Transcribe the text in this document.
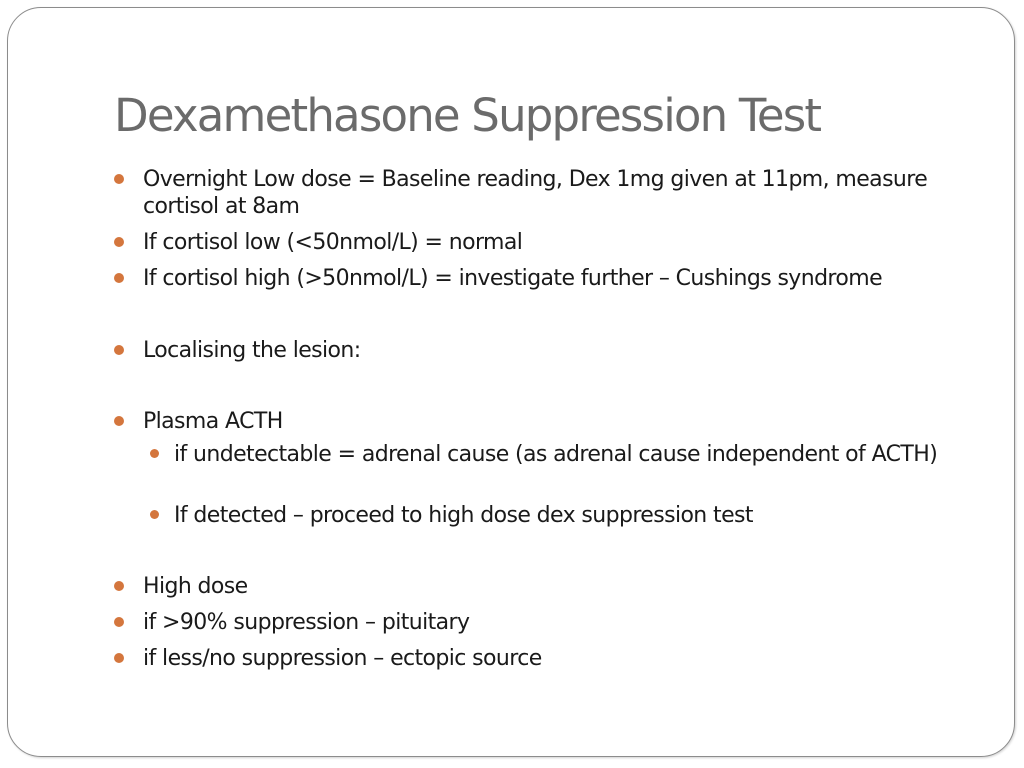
Dexamethasone Suppression Test
Overnight Low dose = Baseline reading, Dex 1mg given at 11pm, measure cortisol at 8am
If cortisol low (<50nmol/L) = normal
If cortisol high (>50nmol/L) = investigate further – Cushings syndrome
Localising the lesion:
Plasma ACTH
if undetectable = adrenal cause (as adrenal cause independent of ACTH)
If detected – proceed to high dose dex suppression test
High dose
if >90% suppression – pituitary
if less/no suppression – ectopic source
